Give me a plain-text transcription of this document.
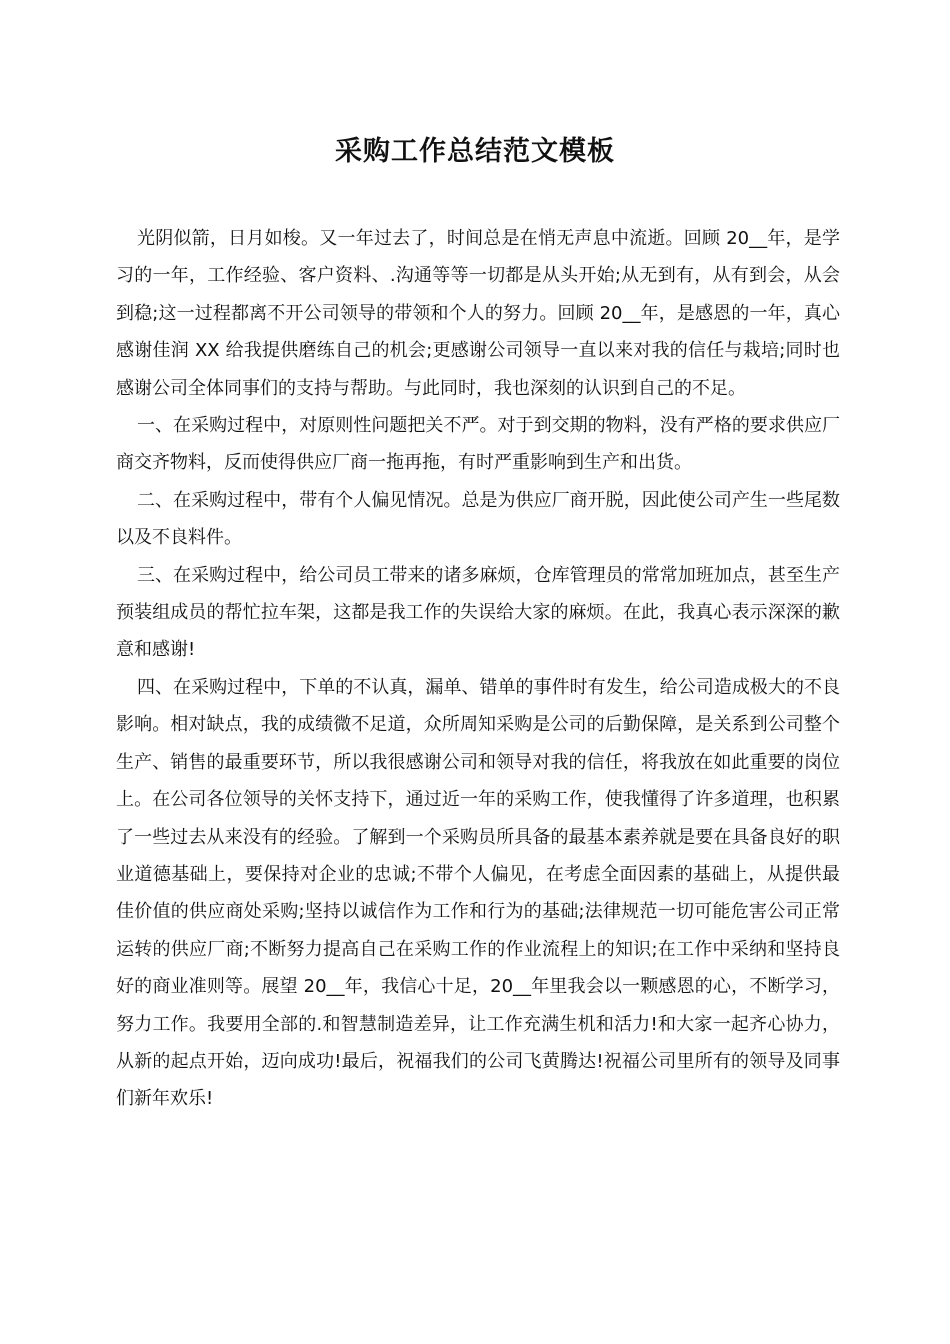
采购工作总结范文模板

光阴似箭，日月如梭。又一年过去了，时间总是在悄无声息中流逝。回顾 20__年，是学习的一年，工作经验、客户资料、.沟通等等一切都是从头开始;从无到有，从有到会，从会到稳;这一过程都离不开公司领导的带领和个人的努力。回顾 20__年，是感恩的一年，真心感谢佳润 XX 给我提供磨练自己的机会;更感谢公司领导一直以来对我的信任与栽培;同时也感谢公司全体同事们的支持与帮助。与此同时，我也深刻的认识到自己的不足。

一、在采购过程中，对原则性问题把关不严。对于到交期的物料，没有严格的要求供应厂商交齐物料，反而使得供应厂商一拖再拖，有时严重影响到生产和出货。

二、在采购过程中，带有个人偏见情况。总是为供应厂商开脱，因此使公司产生一些尾数以及不良料件。

三、在采购过程中，给公司员工带来的诸多麻烦，仓库管理员的常常加班加点，甚至生产预装组成员的帮忙拉车架，这都是我工作的失误给大家的麻烦。在此，我真心表示深深的歉意和感谢!

四、在采购过程中，下单的不认真，漏单、错单的事件时有发生，给公司造成极大的不良影响。相对缺点，我的成绩微不足道，众所周知采购是公司的后勤保障，是关系到公司整个生产、销售的最重要环节，所以我很感谢公司和领导对我的信任，将我放在如此重要的岗位上。在公司各位领导的关怀支持下，通过近一年的采购工作，使我懂得了许多道理，也积累了一些过去从来没有的经验。了解到一个采购员所具备的最基本素养就是要在具备良好的职业道德基础上，要保持对企业的忠诚;不带个人偏见，在考虑全面因素的基础上，从提供最佳价值的供应商处采购;坚持以诚信作为工作和行为的基础;法律规范一切可能危害公司正常运转的供应厂商;不断努力提高自己在采购工作的作业流程上的知识;在工作中采纳和坚持良好的商业准则等。展望 20__年，我信心十足，20__年里我会以一颗感恩的心，不断学习，努力工作。我要用全部的.和智慧制造差异，让工作充满生机和活力!和大家一起齐心协力，从新的起点开始，迈向成功!最后，祝福我们的公司飞黄腾达!祝福公司里所有的领导及同事们新年欢乐!
